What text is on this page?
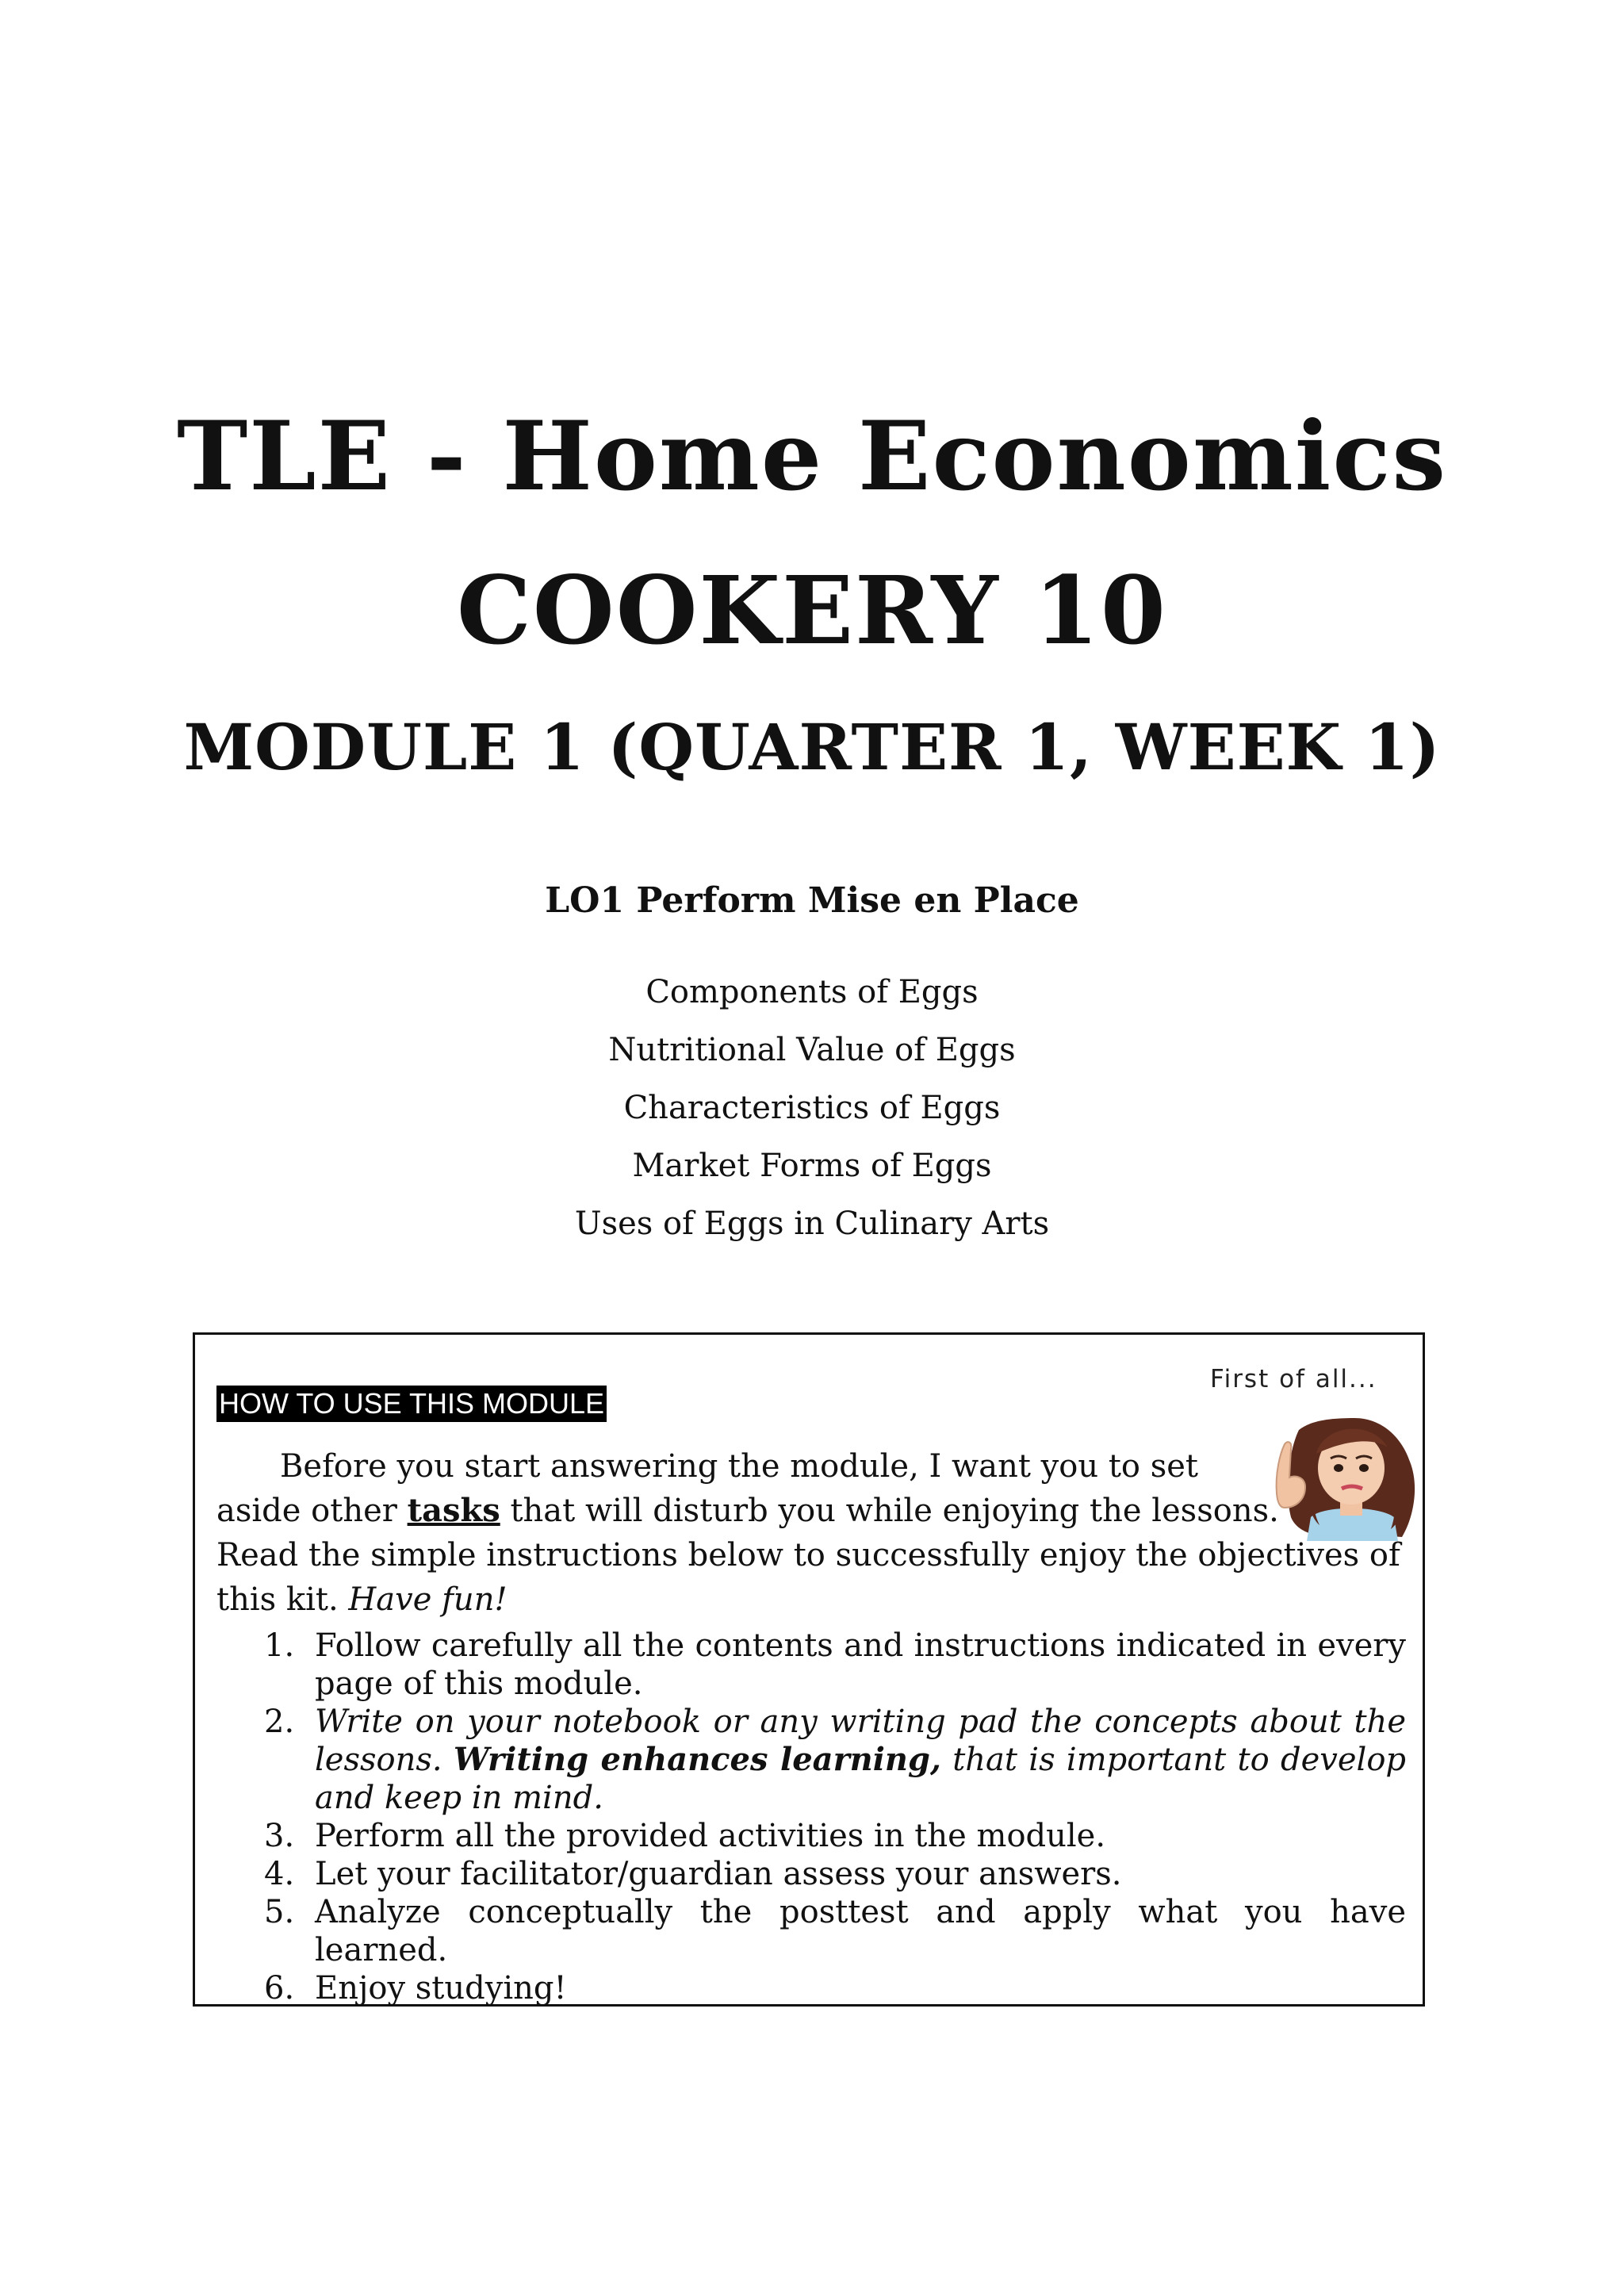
TLE - Home Economics
COOKERY 10
MODULE 1 (QUARTER 1, WEEK 1)
LO1 Perform Mise en Place
Components of Eggs
Nutritional Value of Eggs
Characteristics of Eggs
Market Forms of Eggs
Uses of Eggs in Culinary Arts
HOW TO USE THIS MODULE
First of all...
Before you start answering the module, I want you to set
aside other tasks that will disturb you while enjoying the lessons.
Read the simple instructions below to successfully enjoy the objectives of
this kit. Have fun!
1. Follow carefully all the contents and instructions indicated in every page of this module.
2. Write on your notebook or any writing pad the concepts about the lessons. Writing enhances learning, that is important to develop and keep in mind.
3. Perform all the provided activities in the module.
4. Let your facilitator/guardian assess your answers.
5. Analyze conceptually the posttest and apply what you have learned.
6. Enjoy studying!
